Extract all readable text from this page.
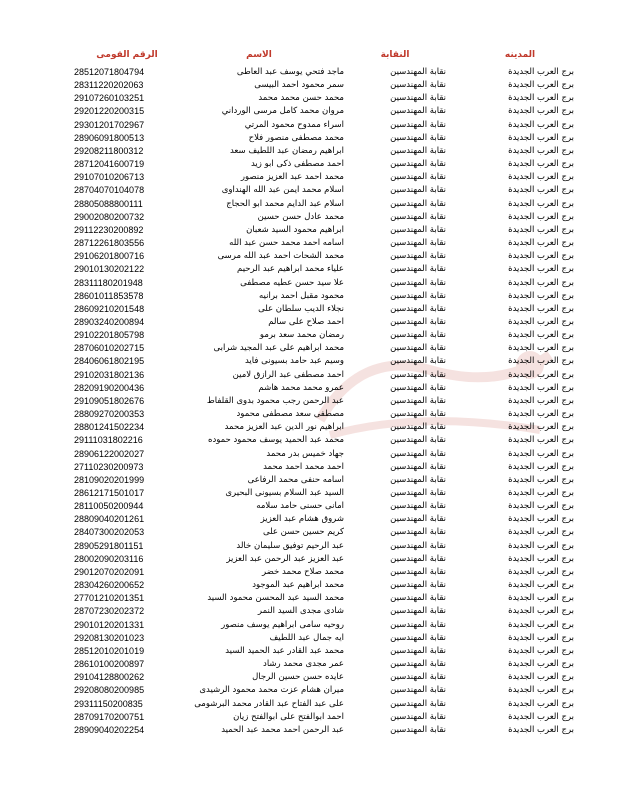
الرقم القومى	الاسم	النقابة	المدينه
28512071804794	ماجد فتحي يوسف عبد العاطى	نقابة المهندسين	برج العرب الجديدة
28311220202063	سمر محمود احمد البيسى	نقابة المهندسين	برج العرب الجديدة
29107260103251	محمد حسن محمد محمد	نقابة المهندسين	برج العرب الجديدة
29201220200315	مروان محمد كامل مرسى الورداني	نقابة المهندسين	برج العرب الجديدة
29301201702967	اسراء ممدوح محمود المرتي	نقابة المهندسين	برج العرب الجديدة
28906091800513	محمد مصطفى منصور فلاح	نقابة المهندسين	برج العرب الجديدة
29208211800312	ابراهيم رمضان عبد اللطيف سعد	نقابة المهندسين	برج العرب الجديدة
28712041600719	احمد مصطفى ذكى ابو زيد	نقابة المهندسين	برج العرب الجديدة
29107010206713	محمد احمد عبد العزيز منصور	نقابة المهندسين	برج العرب الجديدة
28704070104078	اسلام محمد ايمن عبد الله الهنداوى	نقابة المهندسين	برج العرب الجديدة
28805088800111	اسلام عبد الدايم محمد ابو الحجاج	نقابة المهندسين	برج العرب الجديدة
29002080200732	محمد عادل حسن حسين	نقابة المهندسين	برج العرب الجديدة
29112230200892	ابراهيم محمود السيد شعبان	نقابة المهندسين	برج العرب الجديدة
28712261803556	اسامه احمد محمد حسن عبد الله	نقابة المهندسين	برج العرب الجديدة
29106201800716	محمد الشحات احمد عبد الله مرسى	نقابة المهندسين	برج العرب الجديدة
29010130202122	علياء محمد ابراهيم عبد الرحيم	نقابة المهندسين	برج العرب الجديدة
28311180201948	علا سيد حسن عطيه مصطفى	نقابة المهندسين	برج العرب الجديدة
28601011853578	محمود مقبل احمد برانيه	نقابة المهندسين	برج العرب الجديدة
28609210201548	نجلاء الديب سلطان على	نقابة المهندسين	برج العرب الجديدة
28903240200894	احمد صلاح على سالم	نقابة المهندسين	برج العرب الجديدة
29102201805798	رمضان محمد سعد برمو	نقابة المهندسين	برج العرب الجديدة
28706010202715	محمد ابراهيم على عبد المجيد شرابى	نقابة المهندسين	برج العرب الجديدة
28406061802195	وسيم عبد حامد بسيونى فايد	نقابة المهندسين	برج العرب الجديدة
29102031802136	احمد مصطفى عبد الرازق لامين	نقابة المهندسين	برج العرب الجديدة
28209190200436	عمرو محمد محمد هاشم	نقابة المهندسين	برج العرب الجديدة
29109051802676	عبد الرحمن رجب محمود بدوى القلفاط	نقابة المهندسين	برج العرب الجديدة
28809270200353	مصطفى سعد مصطفى محمود	نقابة المهندسين	برج العرب الجديدة
28801241502234	ابراهيم نور الدين عبد العزيز محمد	نقابة المهندسين	برج العرب الجديدة
29111031802216	محمد عبد الحميد يوسف محمود حموده	نقابة المهندسين	برج العرب الجديدة
28906122002027	جهاد خميس بدر محمد	نقابة المهندسين	برج العرب الجديدة
27110230200973	احمد محمد احمد محمد	نقابة المهندسين	برج العرب الجديدة
28109020201999	اسامه حنفى محمد الرفاعى	نقابة المهندسين	برج العرب الجديدة
28612171501017	السيد عبد السلام بسيونى البحيرى	نقابة المهندسين	برج العرب الجديدة
28110050200944	امانى حسنى حامد سلامه	نقابة المهندسين	برج العرب الجديدة
28809040201261	شروق هشام عبد العزيز	نقابة المهندسين	برج العرب الجديدة
28407300202053	كريم حسين حسن على	نقابة المهندسين	برج العرب الجديدة
28905291801151	عبد الرحيم توفيق سليمان خالد	نقابة المهندسين	برج العرب الجديدة
28002090203116	عبد العزيز عبد الرحمن عبد العزيز	نقابة المهندسين	برج العرب الجديدة
29012070202091	محمد صلاح محمد خضر	نقابة المهندسين	برج العرب الجديدة
28304260200652	محمد ابراهيم عبد الموجود	نقابة المهندسين	برج العرب الجديدة
27701210201351	محمد السيد عبد المحسن محمود السيد	نقابة المهندسين	برج العرب الجديدة
28707230202372	شادى مجدى السيد النمر	نقابة المهندسين	برج العرب الجديدة
29010120201331	روحيه سامى ابراهيم يوسف منصور	نقابة المهندسين	برج العرب الجديدة
29208130201023	ايه جمال عبد اللطيف	نقابة المهندسين	برج العرب الجديدة
28512010201019	محمد عبد القادر عبد الحميد السيد	نقابة المهندسين	برج العرب الجديدة
28610100200897	عمر مجدى محمد رشاد	نقابة المهندسين	برج العرب الجديدة
29104128800262	عايده حسن حسين الرجال	نقابة المهندسين	برج العرب الجديدة
29208080200985	ميران هشام عزت محمد محمود الرشيدى	نقابة المهندسين	برج العرب الجديدة
29311150200835	على عبد الفتاح عبد القادر محمد البرشومى	نقابة المهندسين	برج العرب الجديدة
28709170200751	احمد ابوالفتح على ابوالفتح زيان	نقابة المهندسين	برج العرب الجديدة
28909040202254	عبد الرحمن احمد محمد عبد الحميد	نقابة المهندسين	برج العرب الجديدة
